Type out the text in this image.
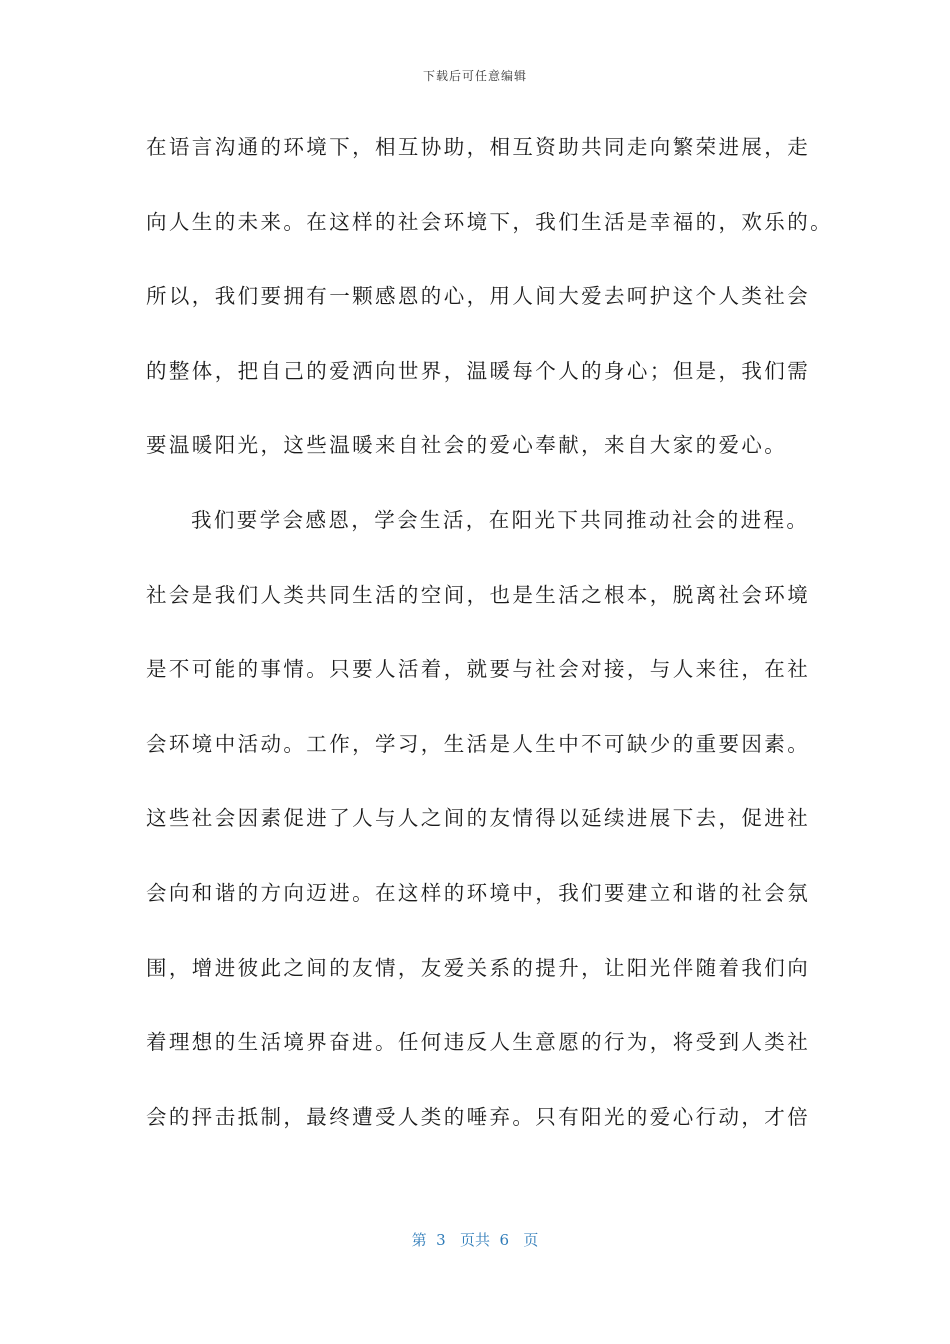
下载后可任意编辑
在语言沟通的环境下，相互协助，相互资助共同走向繁荣进展，走
向人生的未来。在这样的社会环境下，我们生活是幸福的，欢乐的。
所以，我们要拥有一颗感恩的心，用人间大爱去呵护这个人类社会
的整体，把自己的爱洒向世界，温暖每个人的身心；但是，我们需
要温暖阳光，这些温暖来自社会的爱心奉献，来自大家的爱心。
我们要学会感恩，学会生活，在阳光下共同推动社会的进程。
社会是我们人类共同生活的空间，也是生活之根本，脱离社会环境
是不可能的事情。只要人活着，就要与社会对接，与人来往，在社
会环境中活动。工作，学习，生活是人生中不可缺少的重要因素。
这些社会因素促进了人与人之间的友情得以延续进展下去，促进社
会向和谐的方向迈进。在这样的环境中，我们要建立和谐的社会氛
围，增进彼此之间的友情，友爱关系的提升，让阳光伴随着我们向
着理想的生活境界奋进。任何违反人生意愿的行为，将受到人类社
会的抨击抵制，最终遭受人类的唾弃。只有阳光的爱心行动，才倍
第  3   页共  6   页
